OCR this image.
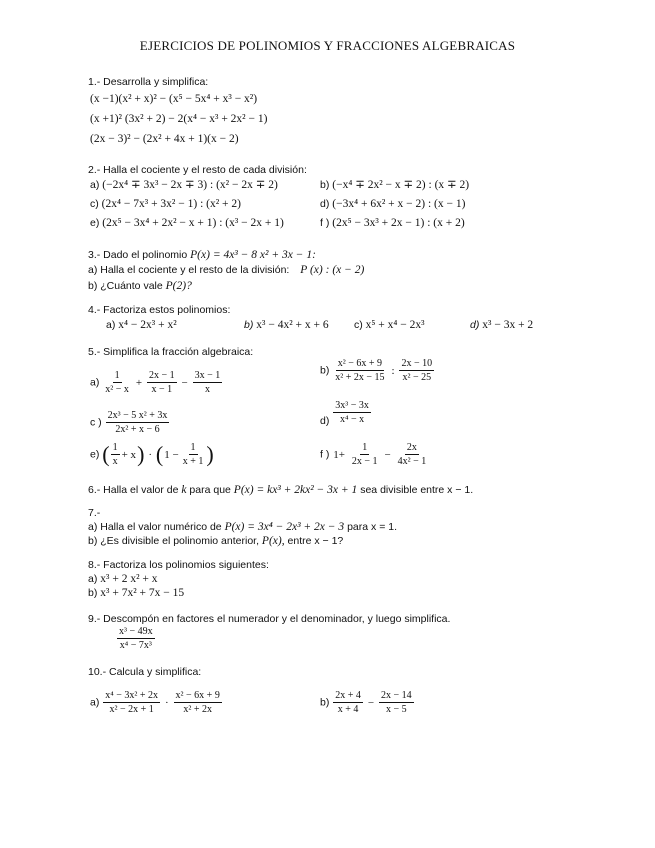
EJERCICIOS DE POLINOMIOS Y FRACCIONES ALGEBRAICAS
1.- Desarrolla y simplifica:
(x −1)(x² + x)² − (x⁵ − 5x⁴ + x³ − x²)
(x +1)² (3x² + 2) − 2(x⁴ − x³ + 2x² − 1)
(2x − 3)² − (2x² + 4x + 1)(x − 2)
2.- Halla el cociente y el resto de cada división:
a) (−2x⁴ ∓ 3x³ − 2x ∓ 3) : (x² − 2x ∓ 2)	b) (−x⁴ ∓ 2x² − x ∓ 2) : (x ∓ 2)
c) (2x⁴ − 7x³ + 3x² − 1) : (x² + 2)	d) (−3x⁴ + 6x² + x − 2) : (x − 1)
e) (2x⁵ − 3x⁴ + 2x² − x + 1) : (x³ − 2x + 1)	f ) (2x⁵ − 3x³ + 2x − 1) : (x + 2)
3.- Dado el polinomio P(x) = 4x³ − 8 x² + 3x − 1:
a) Halla el cociente y el resto de la división: P (x) : (x − 2)
b) ¿Cuánto vale P(2)?
4.- Factoriza estos polinomios:
a) x⁴ − 2x³ + x²	b) x³ − 4x² + x + 6 c) x⁵ + x⁴ − 2x³	d) x³ − 3x + 2
5.- Simplifica la fracción algebraica:
$a) \frac{1}{\text{x² − x}} + \frac{2x - 1}{x - 1} - \frac{3x - 1}{x}$	$b) \frac{\text{x² − 6x + 9}}{\text{x² + 2x − 15}}$ : $\frac{2x - 10}{\text{x² − 25}}$
c ) $\frac{\text{2x³ − 5 x² + 3x}}{\text{2x² + x − 6}}$	$d) \frac{\text{3x³ − 3x}}{\text{x⁴ − x}}$
e) ( $\frac{1}{x} + x) \cdot (1 - \frac{1}{x + 1}$ )	f ) $1+ \frac{1}{2x - 1} - \frac{2x}{\text{4x² − 1}}$
6.- Halla el valor de k para que P(x) = kx³ + 2kx² − 3x + 1 sea divisible entre x − 1.
7.-
a) Halla el valor numérico de P(x) = 3x⁴ − 2x³ + 2x − 3 para x = 1.
b) ¿Es divisible el polinomio anterior, P(x), entre x − 1?
8.- Factoriza los polinomios siguientes:
a) x³ + 2 x² + x
b) x³ + 7x² + 7x − 15
9.- Descompón en factores el numerador y el denominador, y luego simplifica.
$\frac{\text{x³ − 49x}}{\text{x⁴ − 7x³}}$
10.- Calcula y simplifica:
$a) \frac{\text{x⁴ − 3x² + 2x}}{\text{x² − 2x + 1}} \cdot \frac{\text{x² − 6x + 9}}{\text{x² + 2x}}$	$b) \frac{2x + 4}{x + 4} - \frac{2x - 14}{x - 5}$
